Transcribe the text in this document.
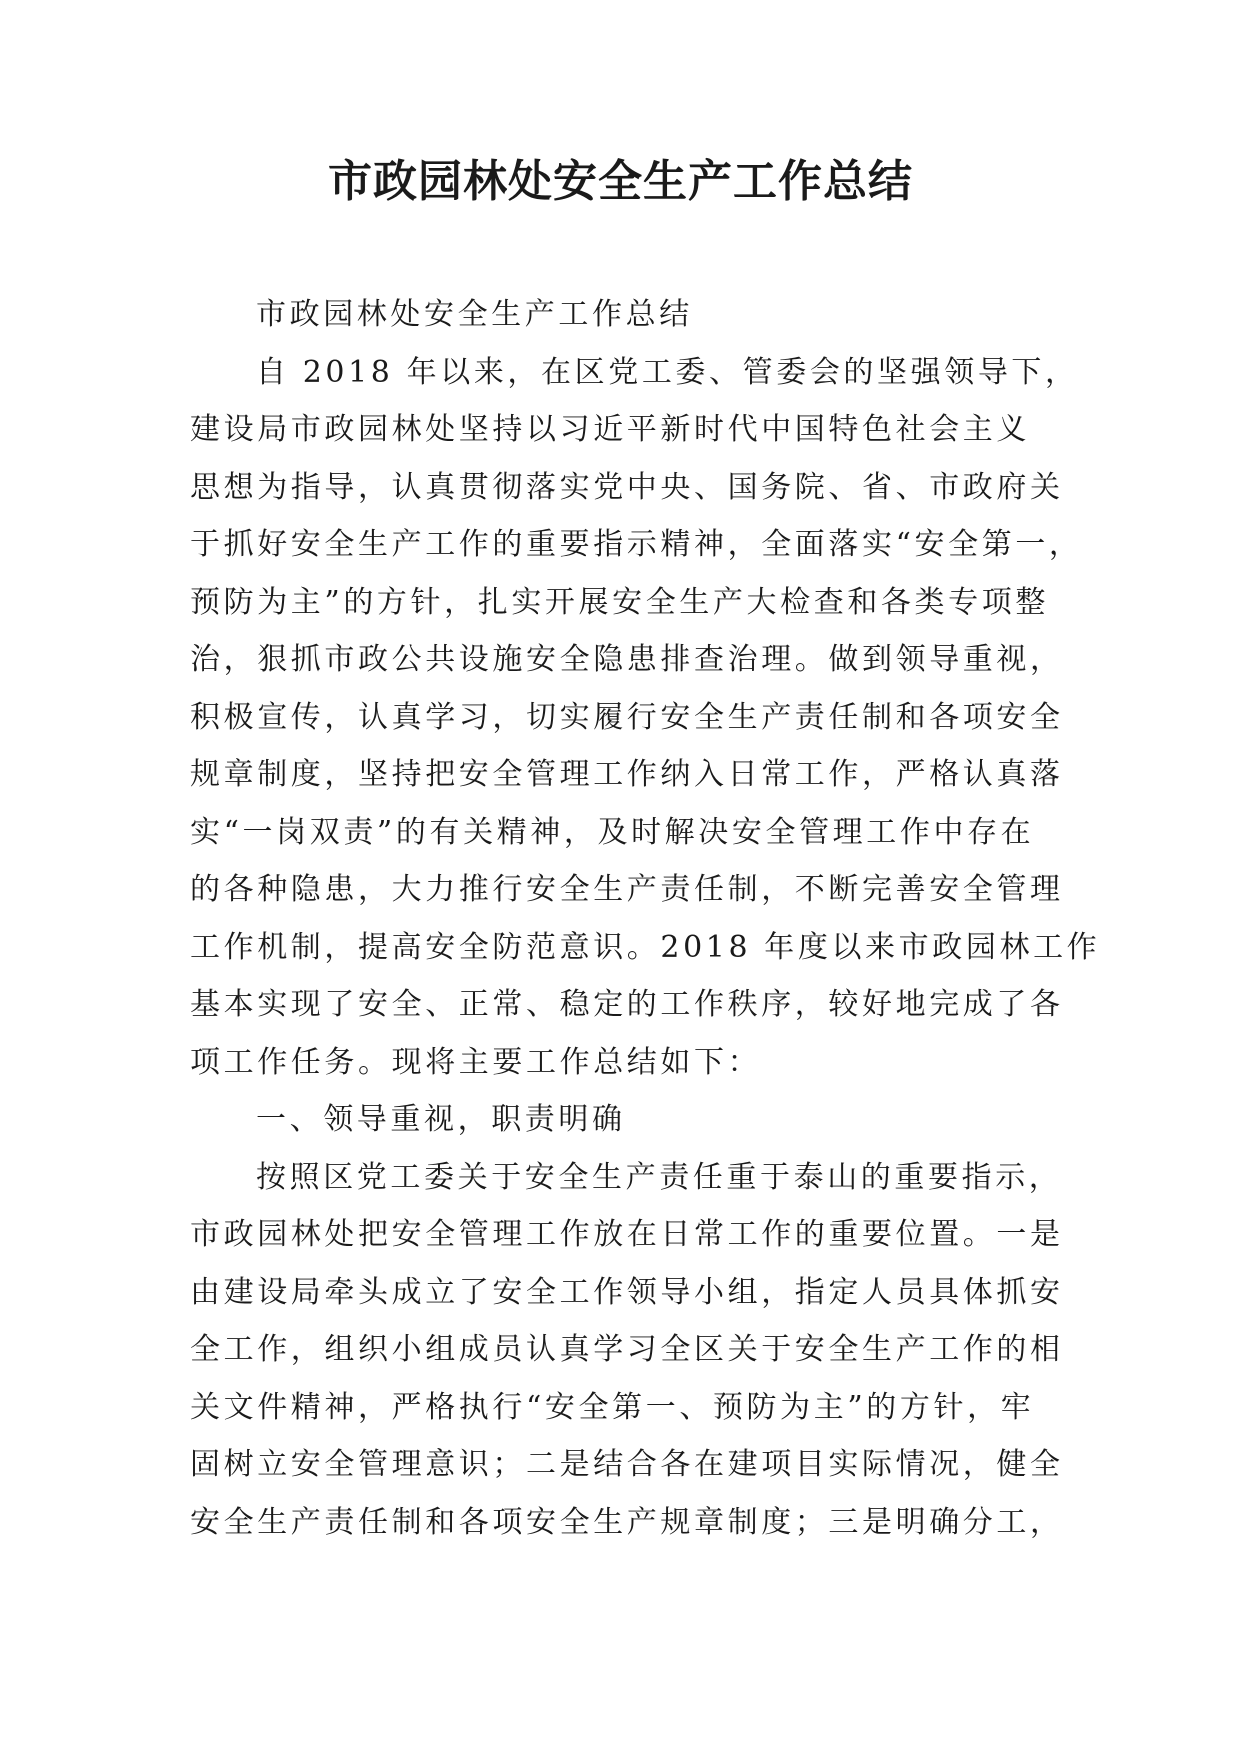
市政园林处安全生产工作总结
市政园林处安全生产工作总结
自 2018 年以来，在区党工委、管委会的坚强领导下，
建设局市政园林处坚持以习近平新时代中国特色社会主义
思想为指导，认真贯彻落实党中央、国务院、省、市政府关
于抓好安全生产工作的重要指示精神，全面落实“安全第一，
预防为主”的方针，扎实开展安全生产大检查和各类专项整
治，狠抓市政公共设施安全隐患排查治理。做到领导重视，
积极宣传，认真学习，切实履行安全生产责任制和各项安全
规章制度，坚持把安全管理工作纳入日常工作，严格认真落
实“一岗双责”的有关精神，及时解决安全管理工作中存在
的各种隐患，大力推行安全生产责任制，不断完善安全管理
工作机制，提高安全防范意识。2018 年度以来市政园林工作
基本实现了安全、正常、稳定的工作秩序，较好地完成了各
项工作任务。现将主要工作总结如下：
一、领导重视，职责明确
按照区党工委关于安全生产责任重于泰山的重要指示，
市政园林处把安全管理工作放在日常工作的重要位置。一是
由建设局牵头成立了安全工作领导小组，指定人员具体抓安
全工作，组织小组成员认真学习全区关于安全生产工作的相
关文件精神，严格执行“安全第一、预防为主”的方针，牢
固树立安全管理意识；二是结合各在建项目实际情况，健全
安全生产责任制和各项安全生产规章制度；三是明确分工，
